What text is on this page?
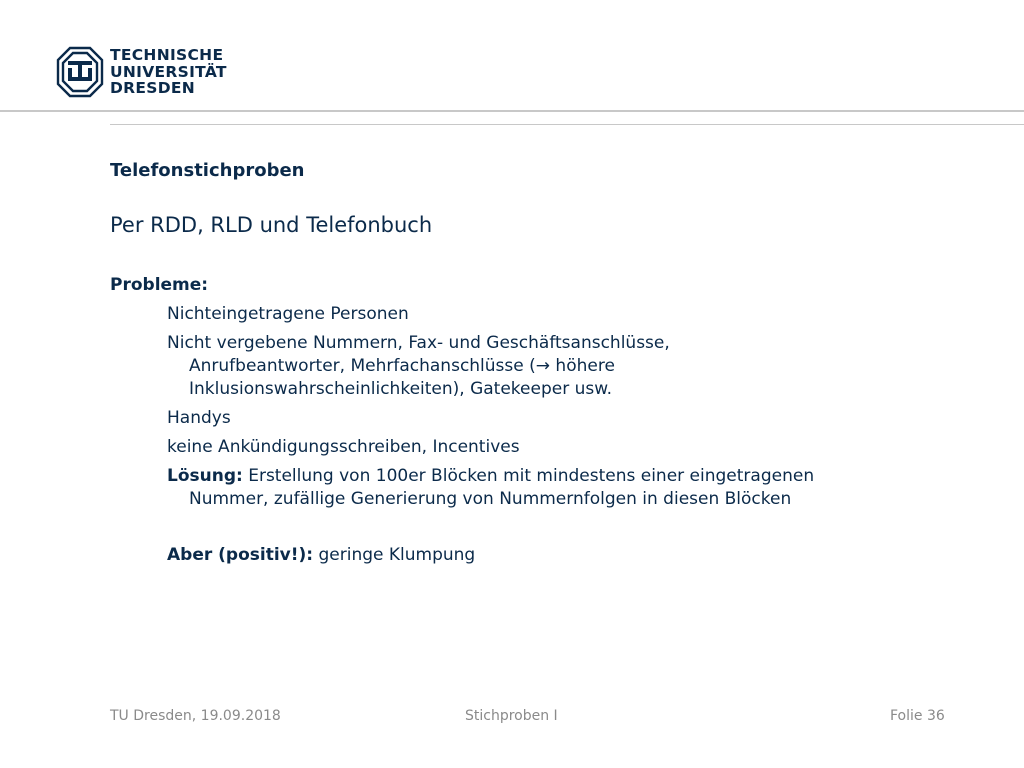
TECHNISCHE
UNIVERSITÄT
DRESDEN
Telefonstichproben
Per RDD, RLD und Telefonbuch
Probleme:
Nichteingetragene Personen
Nicht vergebene Nummern, Fax- und Geschäftsanschlüsse,
Anrufbeantworter, Mehrfachanschlüsse (→ höhere
Inklusionswahrscheinlichkeiten), Gatekeeper usw.
Handys
keine Ankündigungsschreiben, Incentives
Lösung: Erstellung von 100er Blöcken mit mindestens einer eingetragenen
Nummer, zufällige Generierung von Nummernfolgen in diesen Blöcken
Aber (positiv!): geringe Klumpung
TU Dresden, 19.09.2018	Stichproben I	Folie 36
